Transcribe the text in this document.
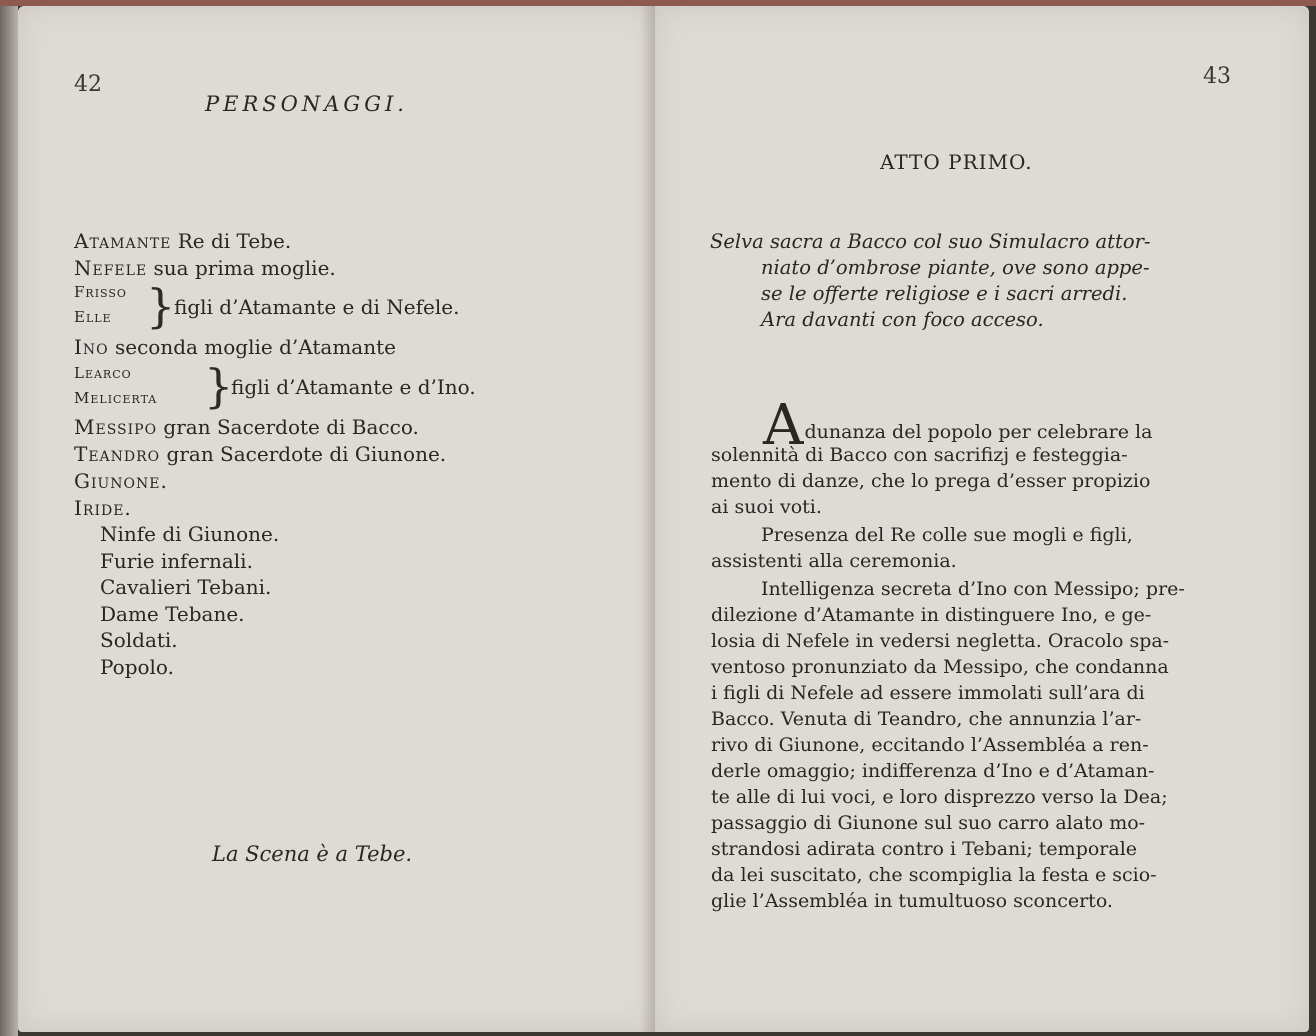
42
PERSONAGGI.
Atamante Re di Tebe.
Nefele sua prima moglie.
Frisso
Elle }
figli d’Atamante e di Nefele.
Ino seconda moglie d’Atamante
Learco
Melicerta }
figli d’Atamante e d’Ino.
Messipo gran Sacerdote di Bacco.
Teandro gran Sacerdote di Giunone.
Giunone.
Iride.
Ninfe di Giunone.
Furie infernali.
Cavalieri Tebani.
Dame Tebane.
Soldati.
Popolo.
La Scena è a Tebe.
43
ATTO PRIMO.
Selva sacra a Bacco col suo Simulacro attor-
niato d’ombrose piante, ove sono appe-
se le offerte religiose e i sacri arredi.
Ara davanti con foco acceso.
Adunanza del popolo per celebrare la
solennità di Bacco con sacrifizj e festeggia-
mento di danze, che lo prega d’esser propizio
ai suoi voti.
Presenza del Re colle sue mogli e figli,
assistenti alla ceremonia.
Intelligenza secreta d’Ino con Messipo; pre-
dilezione d’Atamante in distinguere Ino, e ge-
losia di Nefele in vedersi negletta. Oracolo spa-
ventoso pronunziato da Messipo, che condanna
i figli di Nefele ad essere immolati sull’ara di
Bacco. Venuta di Teandro, che annunzia l’ar-
rivo di Giunone, eccitando l’Assembléa a ren-
derle omaggio; indifferenza d’Ino e d’Ataman-
te alle di lui voci, e loro disprezzo verso la Dea;
passaggio di Giunone sul suo carro alato mo-
strandosi adirata contro i Tebani; temporale
da lei suscitato, che scompiglia la festa e scio-
glie l’Assembléa in tumultuoso sconcerto.
